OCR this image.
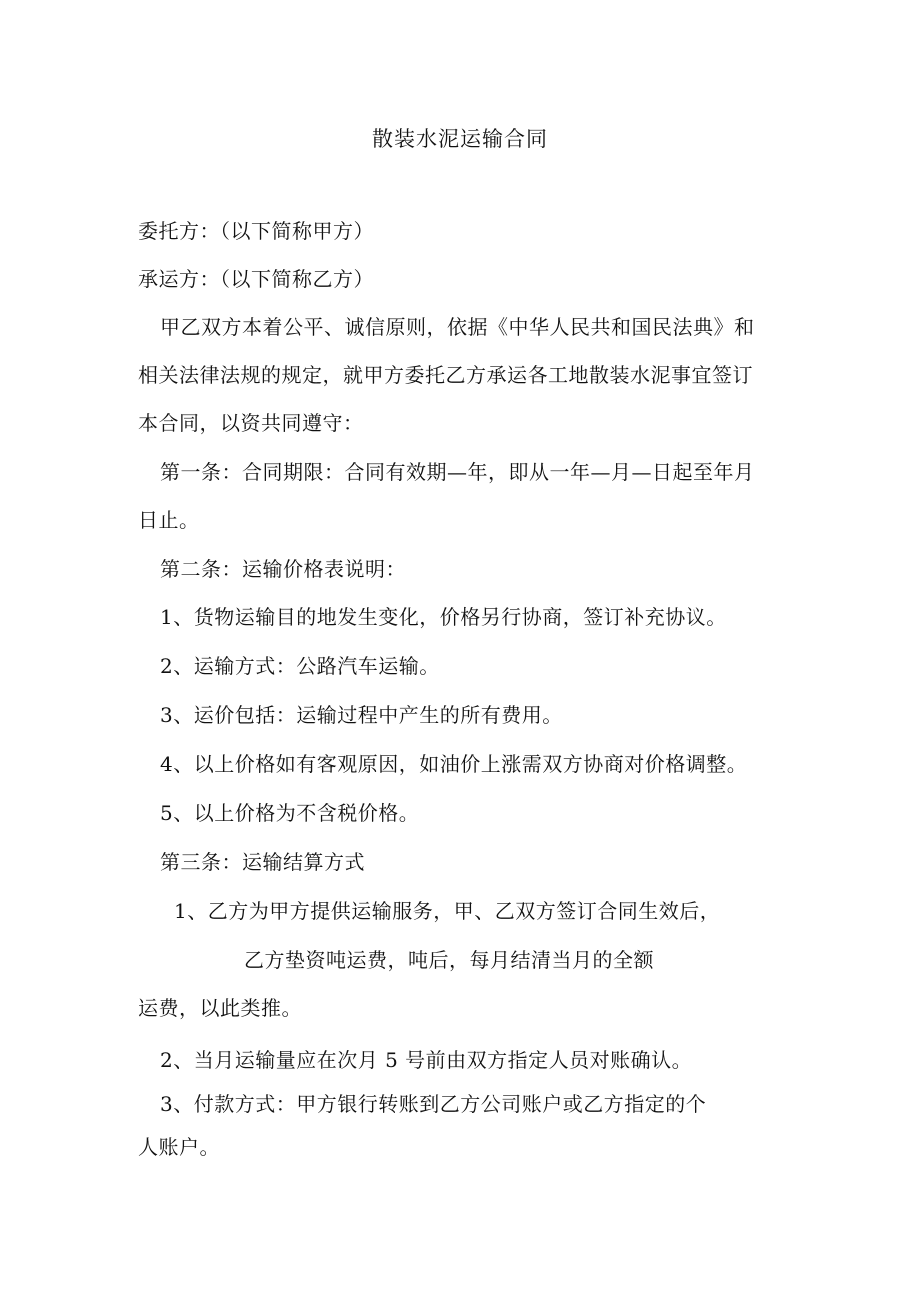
散装水泥运输合同
委托方：（以下简称甲方）
承运方：（以下简称乙方）
甲乙双方本着公平、诚信原则，依据《中华人民共和国民法典》和
相关法律法规的规定，就甲方委托乙方承运各工地散装水泥事宜签订
本合同，以资共同遵守：
第一条：合同期限：合同有效期—年，即从一年—月—日起至年月
日止。
第二条：运输价格表说明：
1、货物运输目的地发生变化，价格另行协商，签订补充协议。
2、运输方式：公路汽车运输。
3、运价包括：运输过程中产生的所有费用。
4、以上价格如有客观原因，如油价上涨需双方协商对价格调整。
5、以上价格为不含税价格。
第三条：运输结算方式
1、乙方为甲方提供运输服务，甲、乙双方签订合同生效后，
乙方垫资吨运费，吨后，每月结清当月的全额
运费，以此类推。
2、当月运输量应在次月 5 号前由双方指定人员对账确认。
3、付款方式：甲方银行转账到乙方公司账户或乙方指定的个
人账户。
